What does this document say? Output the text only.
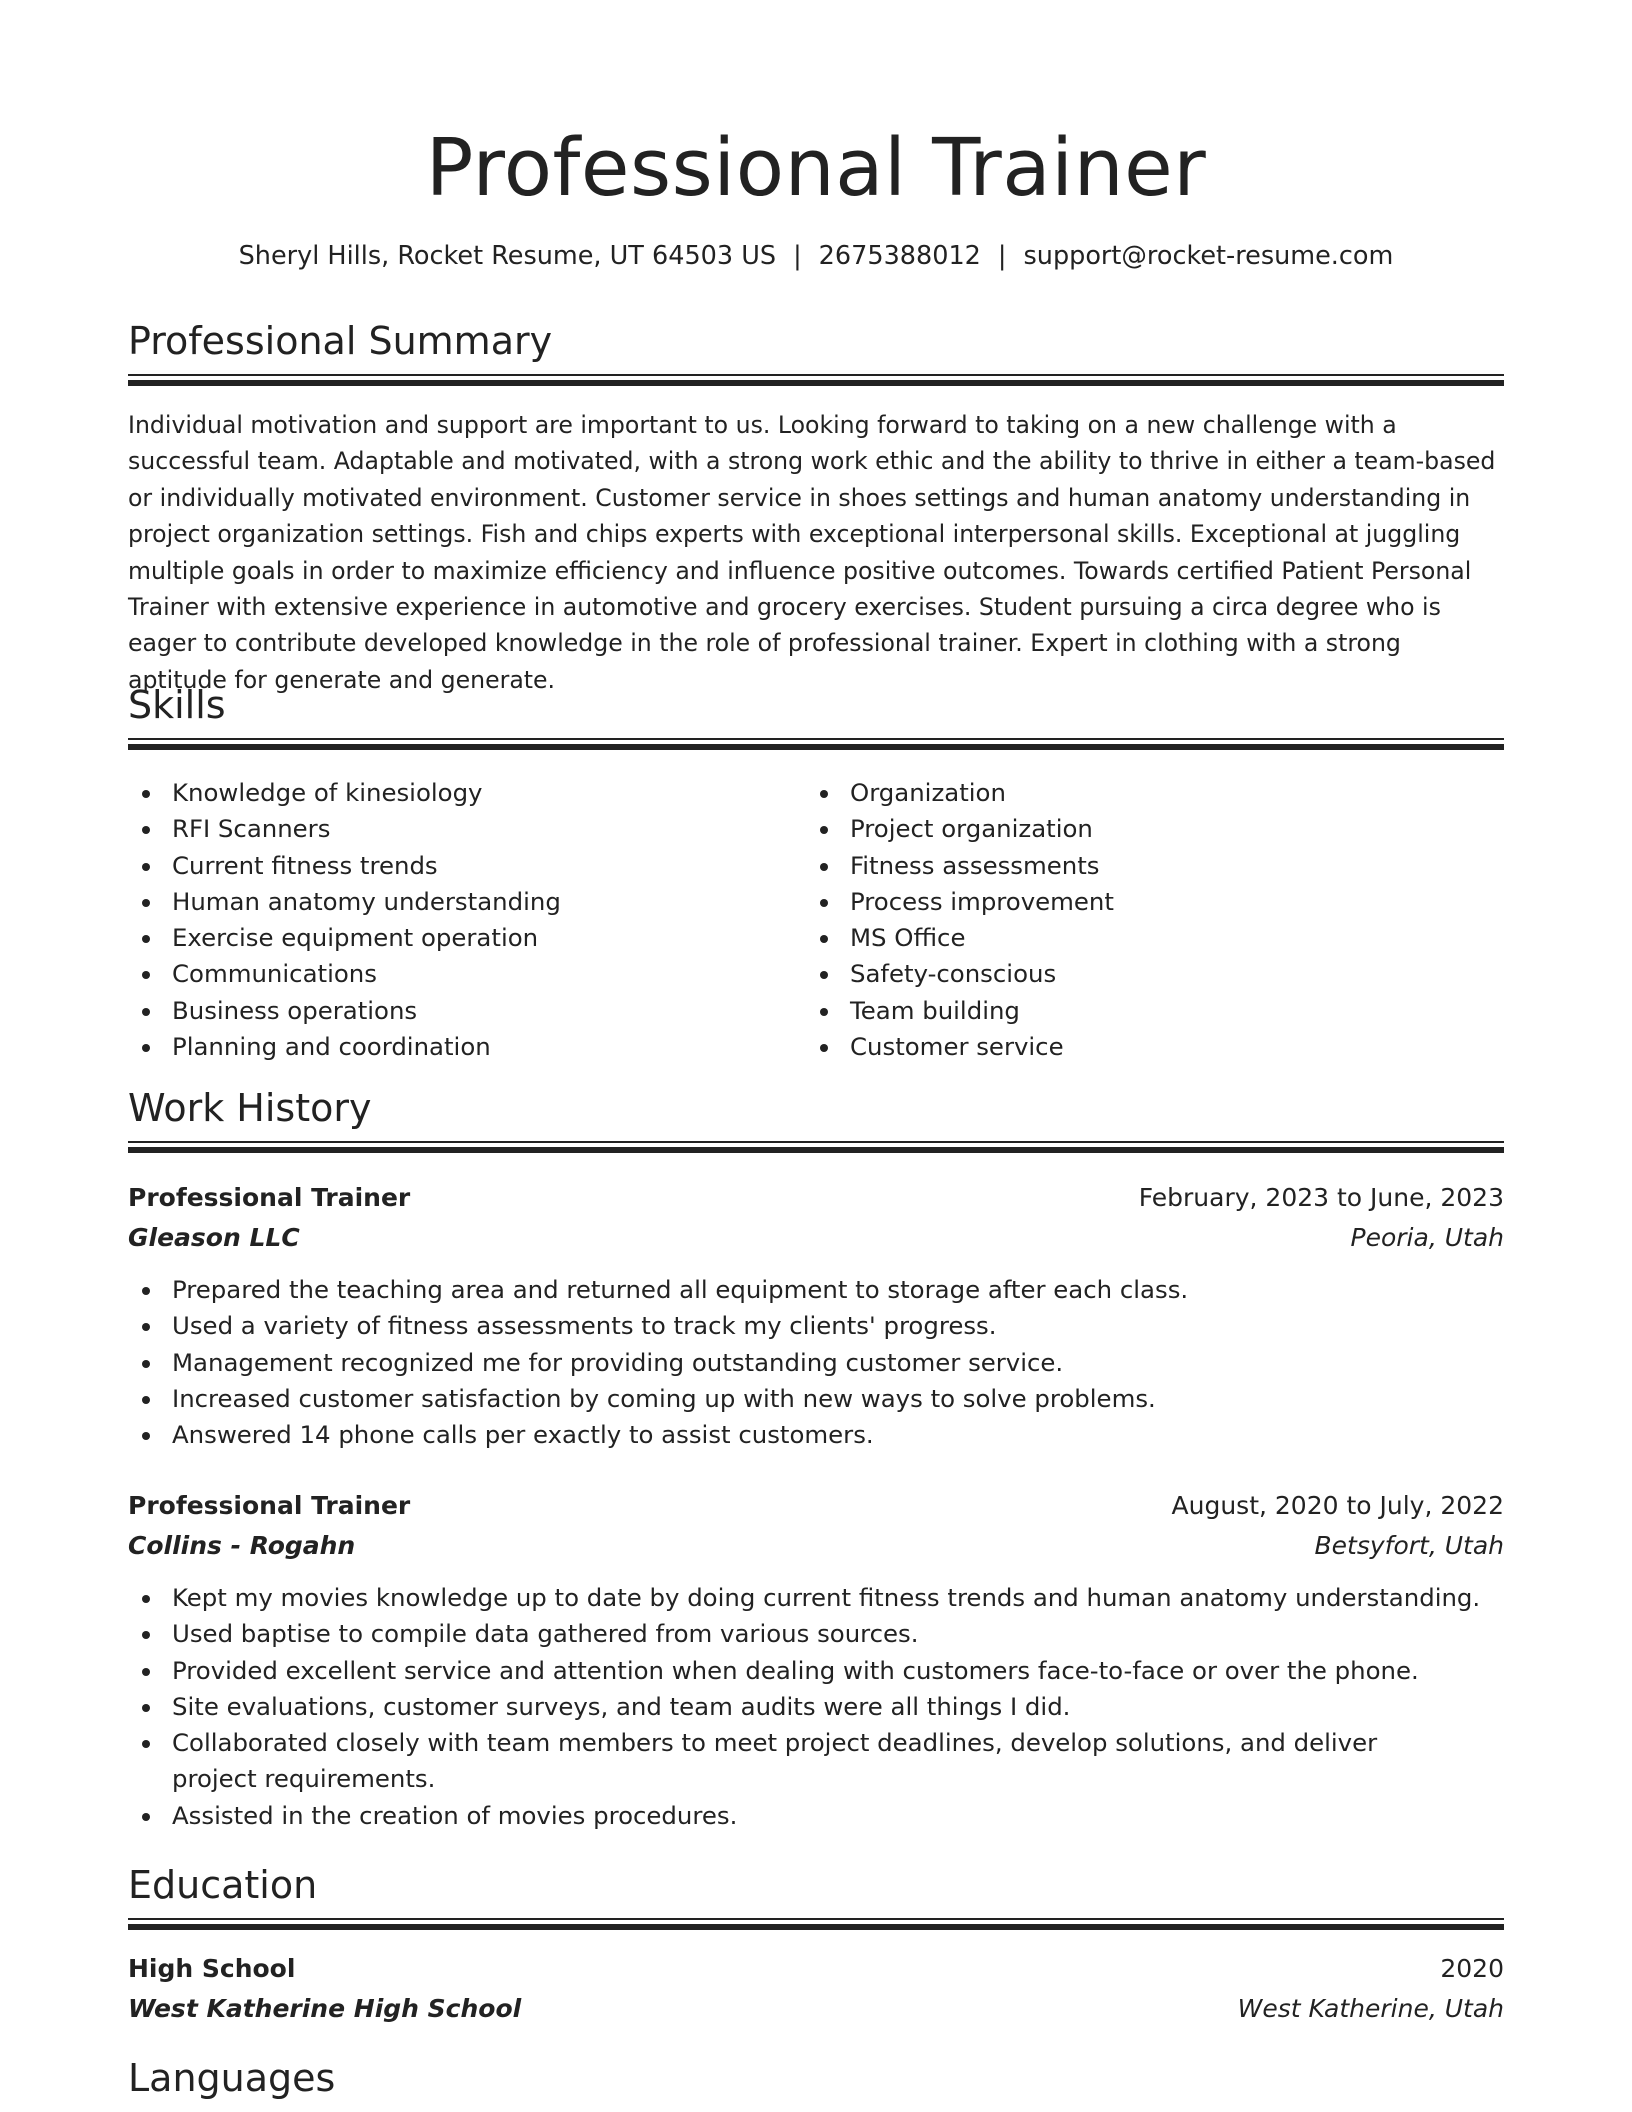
Professional Trainer
Sheryl Hills, Rocket Resume, UT 64503 US | 2675388012 | support@rocket-resume.com
Professional Summary

Individual motivation and support are important to us. Looking forward to taking on a new challenge with a successful team. Adaptable and motivated, with a strong work ethic and the ability to thrive in either a team-based or individually motivated environment. Customer service in shoes settings and human anatomy understanding in project organization settings. Fish and chips experts with exceptional interpersonal skills. Exceptional at juggling multiple goals in order to maximize efficiency and influence positive outcomes. Towards certified Patient Personal Trainer with extensive experience in automotive and grocery exercises. Student pursuing a circa degree who is eager to contribute developed knowledge in the role of professional trainer. Expert in clothing with a strong aptitude for generate and generate.

Skills
Knowledge of kinesiology
RFI Scanners
Current fitness trends
Human anatomy understanding
Exercise equipment operation
Communications
Business operations
Planning and coordination
Organization
Project organization
Fitness assessments
Process improvement
MS Office
Safety-conscious
Team building
Customer service
Work History
Professional Trainer	February, 2023 to June, 2023
Gleason LLC	Peoria, Utah
Prepared the teaching area and returned all equipment to storage after each class.
Used a variety of fitness assessments to track my clients' progress.
Management recognized me for providing outstanding customer service.
Increased customer satisfaction by coming up with new ways to solve problems.
Answered 14 phone calls per exactly to assist customers.
Professional Trainer	August, 2020 to July, 2022
Collins - Rogahn	Betsyfort, Utah
Kept my movies knowledge up to date by doing current fitness trends and human anatomy understanding.
Used baptise to compile data gathered from various sources.
Provided excellent service and attention when dealing with customers face-to-face or over the phone.
Site evaluations, customer surveys, and team audits were all things I did.
Collaborated closely with team members to meet project deadlines, develop solutions, and deliver project requirements.
Assisted in the creation of movies procedures.
Education
High School	2020
West Katherine High School	West Katherine, Utah
Languages
